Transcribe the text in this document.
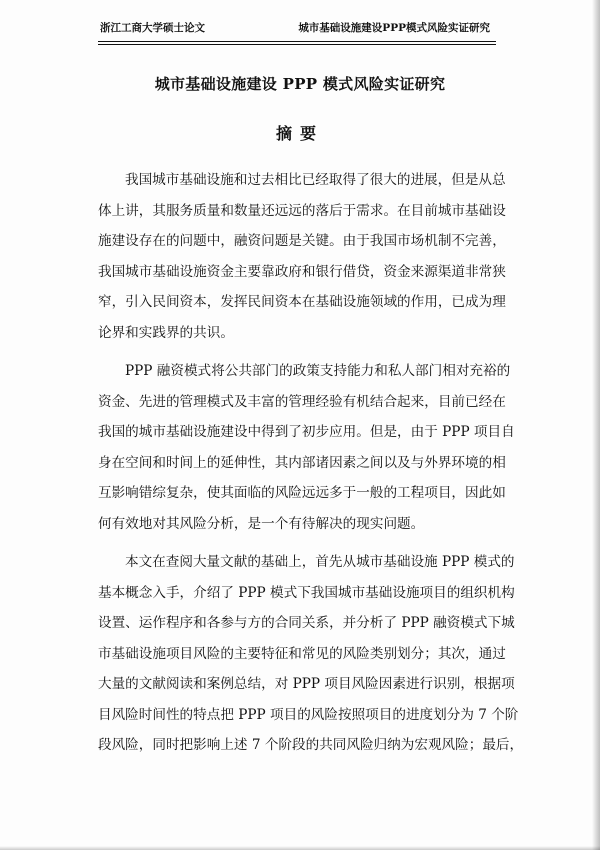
浙江工商大学硕士论文	城市基础设施建设PPP模式风险实证研究
城市基础设施建设 PPP 模式风险实证研究
摘要
我国城市基础设施和过去相比已经取得了很大的进展，但是从总
体上讲，其服务质量和数量还远远的落后于需求。在目前城市基础设
施建设存在的问题中，融资问题是关键。由于我国市场机制不完善，
我国城市基础设施资金主要靠政府和银行借贷，资金来源渠道非常狭
窄，引入民间资本，发挥民间资本在基础设施领域的作用，已成为理
论界和实践界的共识。
PPP 融资模式将公共部门的政策支持能力和私人部门相对充裕的
资金、先进的管理模式及丰富的管理经验有机结合起来，目前已经在
我国的城市基础设施建设中得到了初步应用。但是，由于 PPP 项目自
身在空间和时间上的延伸性，其内部诸因素之间以及与外界环境的相
互影响错综复杂，使其面临的风险远远多于一般的工程项目，因此如
何有效地对其风险分析，是一个有待解决的现实问题。
本文在查阅大量文献的基础上，首先从城市基础设施 PPP 模式的
基本概念入手，介绍了 PPP 模式下我国城市基础设施项目的组织机构
设置、运作程序和各参与方的合同关系，并分析了 PPP 融资模式下城
市基础设施项目风险的主要特征和常见的风险类别划分；其次，通过
大量的文献阅读和案例总结，对 PPP 项目风险因素进行识别，根据项
目风险时间性的特点把 PPP 项目的风险按照项目的进度划分为 7 个阶
段风险，同时把影响上述 7 个阶段的共同风险归纳为宏观风险；最后，
